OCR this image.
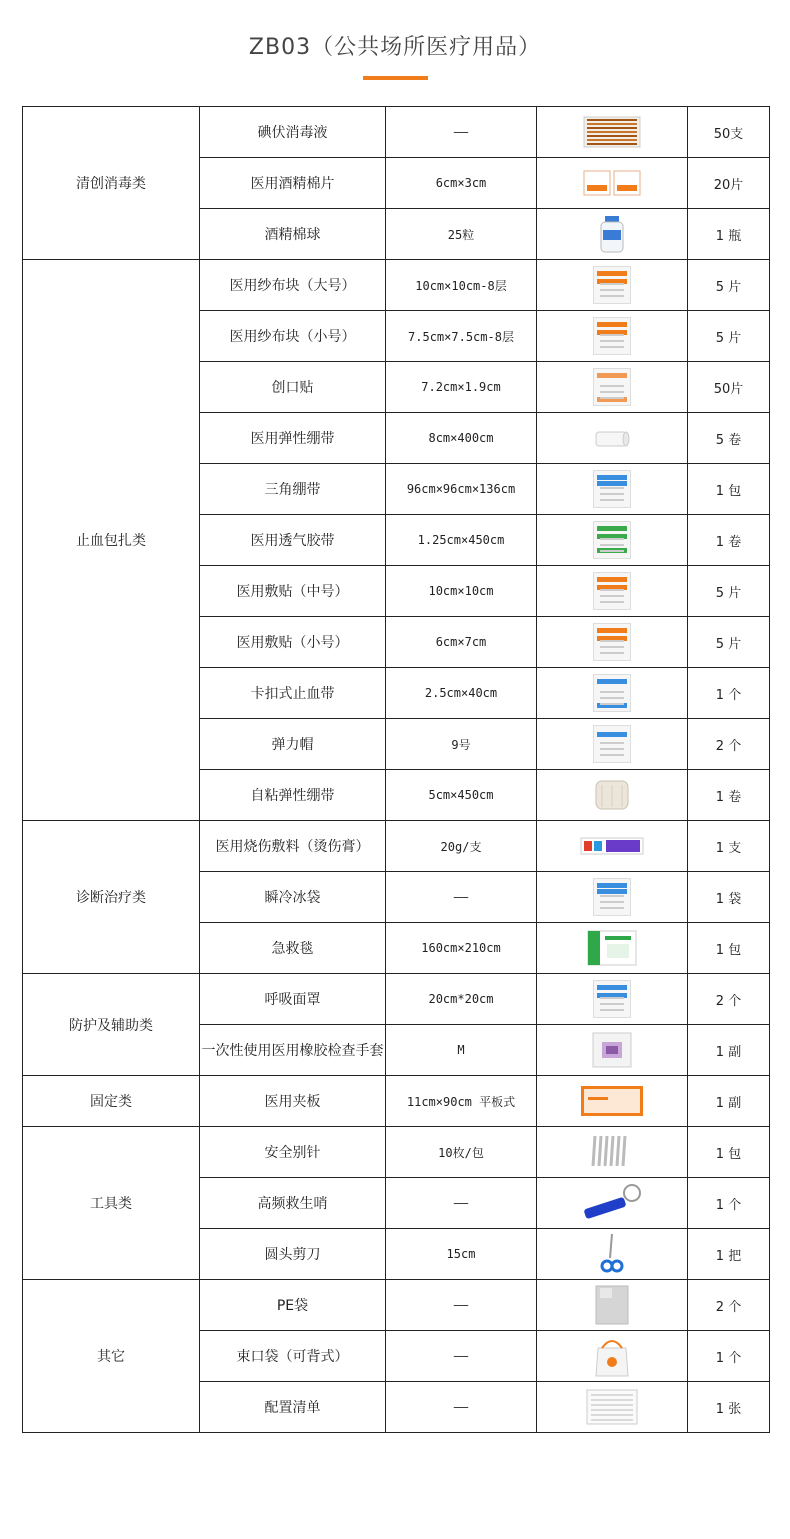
ZB03（公共场所医疗用品）
清创消毒类	碘伏消毒液	——		50支
	医用酒精棉片	6cm×3cm		20片
	酒精棉球	25粒		1 瓶
止血包扎类	医用纱布块（大号）	10cm×10cm-8层		5 片
	医用纱布块（小号）	7.5cm×7.5cm-8层		5 片
	创口贴	7.2cm×1.9cm		50片
	医用弹性绷带	8cm×400cm		5 卷
	三角绷带	96cm×96cm×136cm		1 包
	医用透气胶带	1.25cm×450cm		1 卷
	医用敷贴（中号）	10cm×10cm		5 片
	医用敷贴（小号）	6cm×7cm		5 片
	卡扣式止血带	2.5cm×40cm		1 个
	弹力帽	9号		2 个
	自粘弹性绷带	5cm×450cm		1 卷
诊断治疗类	医用烧伤敷料（烫伤膏）	20g/支		1 支
	瞬冷冰袋	——		1 袋
	急救毯	160cm×210cm		1 包
防护及辅助类	呼吸面罩	20cm*20cm		2 个
	一次性使用医用橡胶检查手套	M		1 副
固定类	医用夹板	11cm×90cm 平板式		1 副
工具类	安全别针	10枚/包		1 包
	高频救生哨	——		1 个
	圆头剪刀	15cm		1 把
其它	PE袋	——		2 个
	束口袋（可背式）	——		1 个
	配置清单	——		1 张
